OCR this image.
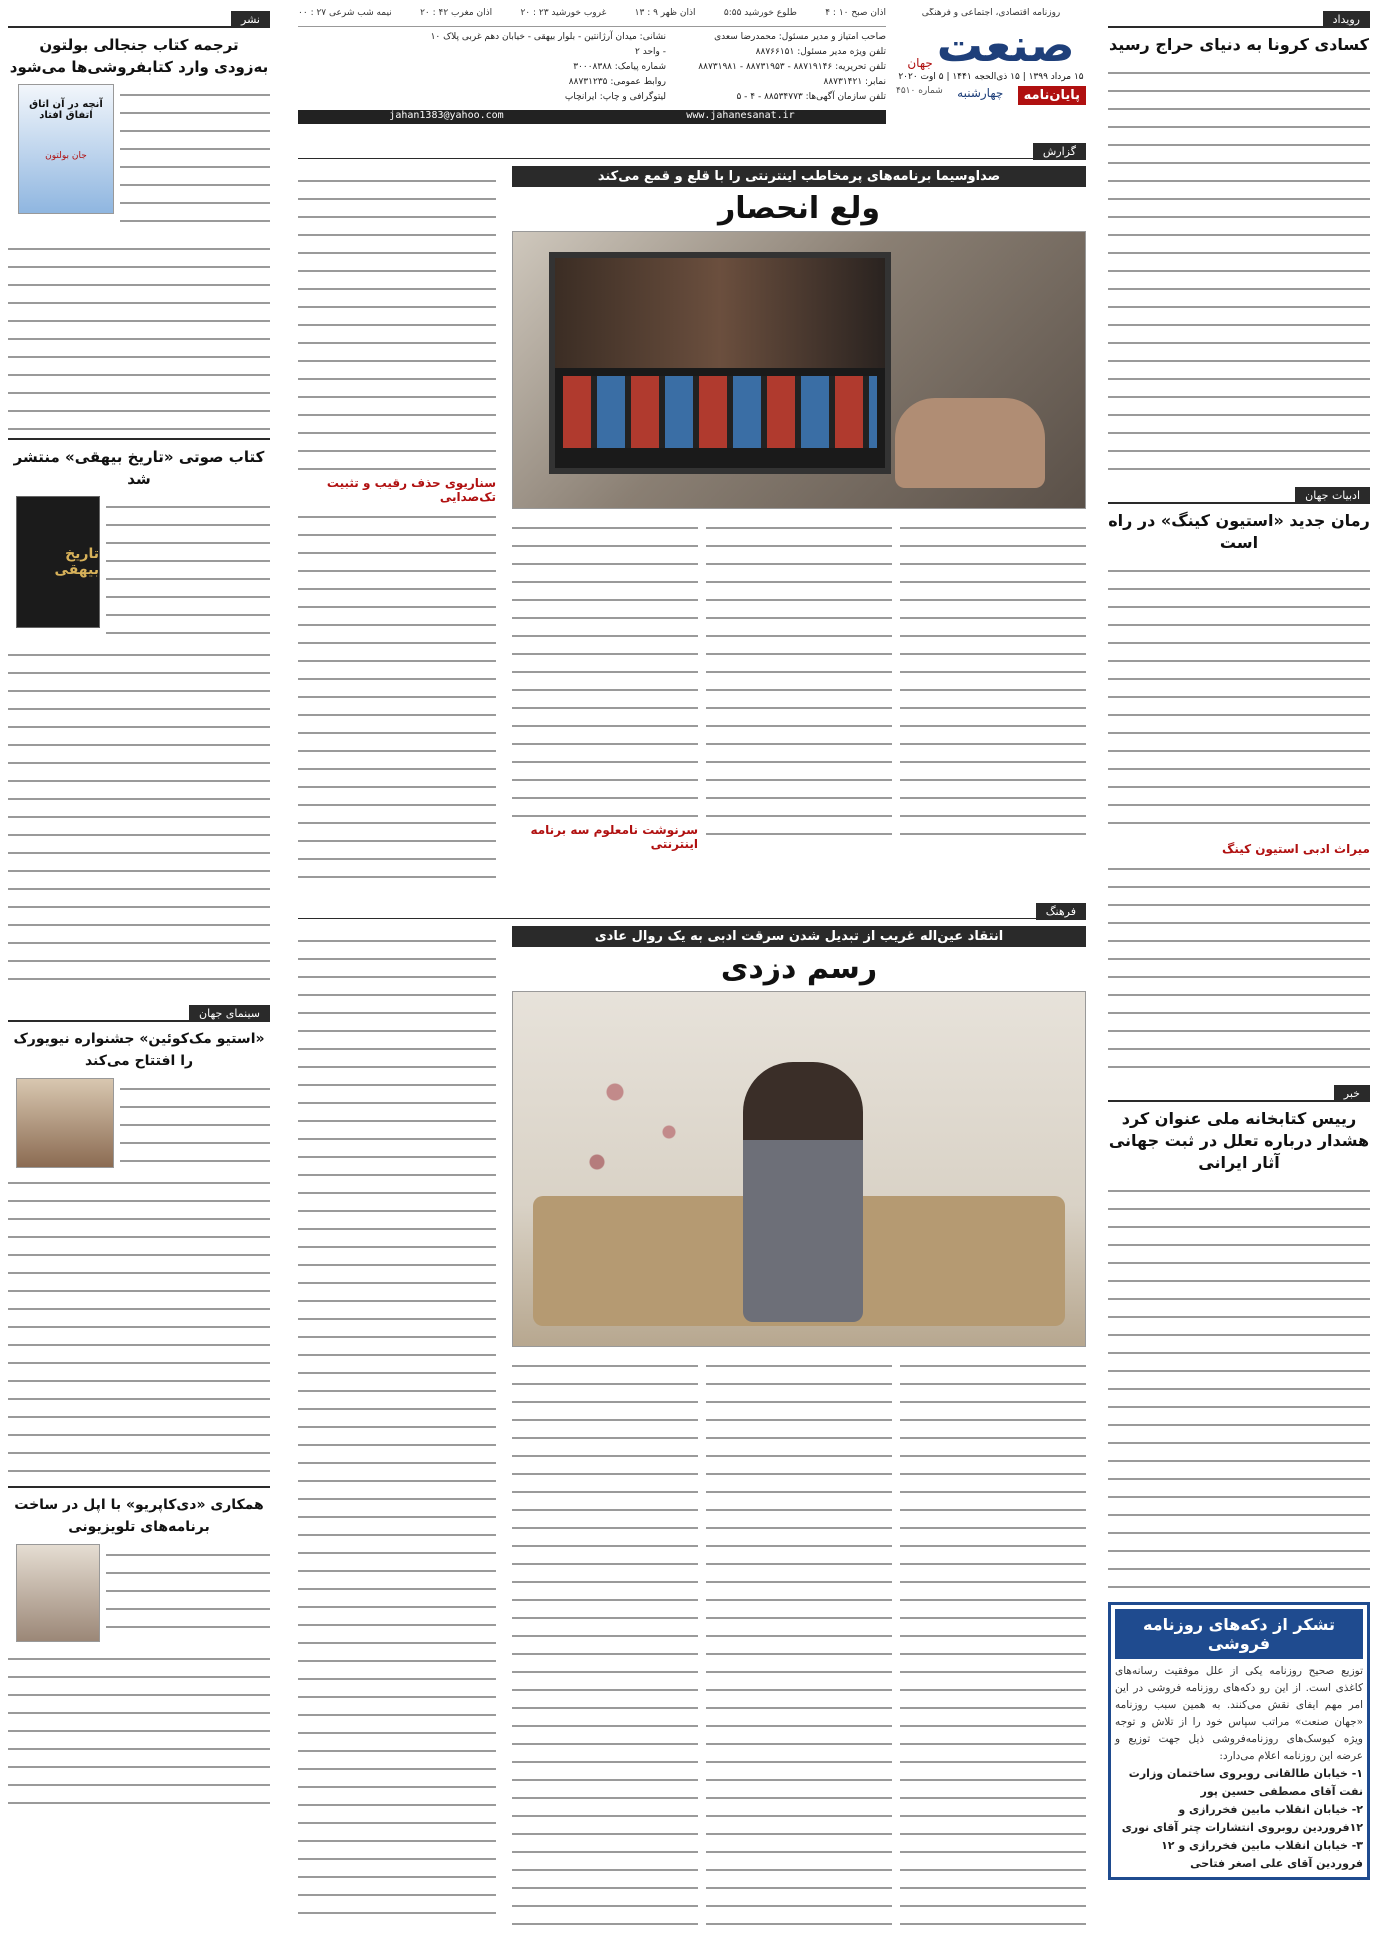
روزنامه اقتصادی، اجتماعی و فرهنگی
صنعت
جهان
۱۵ مرداد ۱۳۹۹ | ۱۵ ذی‌الحجه ۱۴۴۱ | ۵ اوت ۲۰۲۰
پایان‌نامه
چهارشنبه
شماره ۴۵۱۰
صاحب امتیاز و مدیر مسئول: محمدرضا سعدی
تلفن ویژه مدیر مسئول: ۸۸۷۶۶۱۵۱
تلفن تحریریه: ۸۸۷۱۹۱۴۶ - ۸۸۷۳۱۹۵۳ - ۸۸۷۳۱۹۸۱
نمابر: ۸۸۷۳۱۴۲۱
تلفن سازمان آگهی‌ها: ۸۸۵۳۴۷۷۳ - ۴ - ۵
نشانی: میدان آرژانتین - بلوار بیهقی - خیابان دهم غربی پلاک ۱۰ - واحد ۲
شماره پیامک: ۳۰۰۰۸۳۸۸
روابط عمومی: ۸۸۷۳۱۲۳۵
لیتوگرافی و چاپ: ایرانچاپ
اذان صبح ۱۰ : ۴
طلوع خورشید ۵:۵۵
اذان ظهر ۹ : ۱۳
غروب خورشید ۲۳ : ۲۰
اذان مغرب ۴۲ : ۲۰
نیمه شب شرعی ۲۷ : ۰۰
jahan1383@yahoo.com	www.jahanesanat.ir
رویداد
کسادی کرونا به دنیای حراج رسید
ادبیات جهان
رمان جدید «استیون کینگ» در راه است
میراث ادبی استیون کینگ
خبر
رییس کتابخانه ملی عنوان کرد
هشدار درباره تعلل در ثبت جهانی آثار ایرانی
تشکر از دکه‌های روزنامه فروشی

توزیع صحیح روزنامه یکی از علل موفقیت رسانه‌های کاغذی است. از این رو دکه‌های روزنامه فروشی در این امر مهم ایفای نقش می‌کنند. به همین سبب روزنامه «جهان صنعت» مراتب سپاس خود را از تلاش و توجه ویژه کیوسک‌های روزنامه‌فروشی ذیل جهت توزیع و عرضه این روزنامه اعلام می‌دارد:

۱- خیابان طالقانی روبروی ساختمان وزارت نفت آقای مصطفی حسین پور
۲- خیابان انقلاب مابین فخررازی و ۱۲فروردین روبروی انتشارات چتر آقای نوری
۳- خیابان انقلاب مابین فخررازی و ۱۲ فروردین آقای علی اصغر فتاحی
گزارش
سناریوی حذف رقیب و تثبیت تک‌صدایی
صداوسیما برنامه‌های پرمخاطب اینترنتی را با قلع و قمع می‌کند
ولع انحصار
سرنوشت نامعلوم سه برنامه اینترنتی
فرهنگ
انتقاد عین‌اله غریب از تبدیل شدن سرقت ادبی به یک روال عادی
رسم دزدی
نشر
ترجمه کتاب جنجالی بولتون
به‌زودی وارد کتابفروشی‌ها می‌شود
آنچه در آن اتاق اتفاق افتاد
جان بولتون
کتاب صوتی «تاریخ بیهقی» منتشر شد
تاریخ بیهقی
سینمای جهان
«استیو مک‌کوئین» جشنواره نیویورک را افتتاح می‌کند
همکاری «دی‌کاپریو» با اپل در ساخت برنامه‌های تلویزیونی
